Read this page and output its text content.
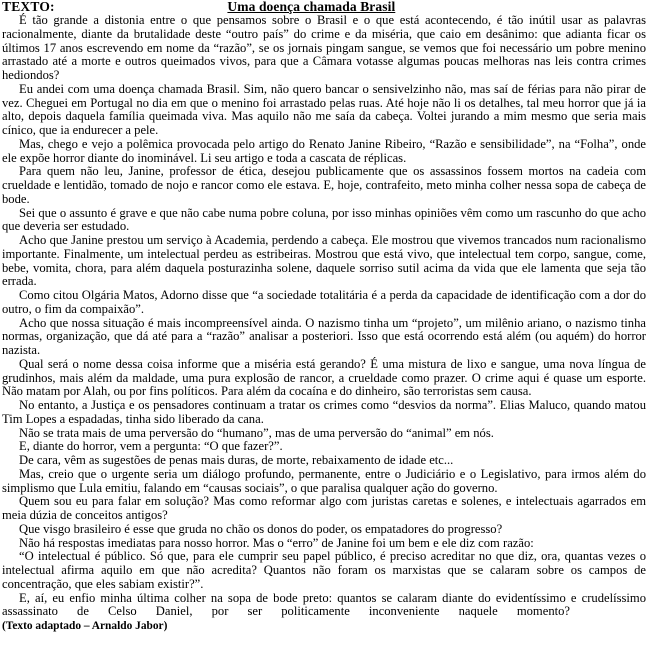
TEXTO:	Uma doença chamada Brasil

É tão grande a distonia entre o que pensamos sobre o Brasil e o que está acontecendo, é tão inútil usar as palavras racionalmente, diante da brutalidade deste “outro país” do crime e da miséria, que caio em desânimo: que adianta ficar os últimos 17 anos escrevendo em nome da “razão”, se os jornais pingam sangue, se vemos que foi necessário um pobre menino arrastado até a morte e outros queimados vivos, para que a Câmara votasse algumas poucas melhoras nas leis contra crimes hediondos?

Eu andei com uma doença chamada Brasil. Sim, não quero bancar o sensivelzinho não, mas saí de férias para não pirar de vez. Cheguei em Portugal no dia em que o menino foi arrastado pelas ruas. Até hoje não li os detalhes, tal meu horror que já ia alto, depois daquela família queimada viva. Mas aquilo não me saía da cabeça. Voltei jurando a mim mesmo que seria mais cínico, que ia endurecer a pele.

Mas, chego e vejo a polêmica provocada pelo artigo do Renato Janine Ribeiro, “Razão e sensibilidade”, na “Folha”, onde ele expõe horror diante do inominável. Li seu artigo e toda a cascata de réplicas.

Para quem não leu, Janine, professor de ética, desejou publicamente que os assassinos fossem mortos na cadeia com crueldade e lentidão, tomado de nojo e rancor como ele estava. E, hoje, contrafeito, meto minha colher nessa sopa de cabeça de bode.

Sei que o assunto é grave e que não cabe numa pobre coluna, por isso minhas opiniões vêm como um rascunho do que acho que deveria ser estudado.

Acho que Janine prestou um serviço à Academia, perdendo a cabeça. Ele mostrou que vivemos trancados num racionalismo importante. Finalmente, um intelectual perdeu as estribeiras. Mostrou que está vivo, que intelectual tem corpo, sangue, come, bebe, vomita, chora, para além daquela posturazinha solene, daquele sorriso sutil acima da vida que ele lamenta que seja tão errada.

Como citou Olgária Matos, Adorno disse que “a sociedade totalitária é a perda da capacidade de identificação com a dor do outro, o fim da compaixão”.

Acho que nossa situação é mais incompreensível ainda. O nazismo tinha um “projeto”, um milênio ariano, o nazismo tinha normas, organização, que dá até para a “razão” analisar a posteriori. Isso que está ocorrendo está além (ou aquém) do horror nazista.

Qual será o nome dessa coisa informe que a miséria está gerando? É uma mistura de lixo e sangue, uma nova língua de grudinhos, mais além da maldade, uma pura explosão de rancor, a crueldade como prazer. O crime aqui é quase um esporte. Não matam por Alah, ou por fins políticos. Para além da cocaína e do dinheiro, são terroristas sem causa.

No entanto, a Justiça e os pensadores continuam a tratar os crimes como “desvios da norma”. Elias Maluco, quando matou Tim Lopes a espadadas, tinha sido liberado da cana.

Não se trata mais de uma perversão do “humano”, mas de uma perversão do “animal” em nós.

E, diante do horror, vem a pergunta: “O que fazer?”.

De cara, vêm as sugestões de penas mais duras, de morte, rebaixamento de idade etc...

Mas, creio que o urgente seria um diálogo profundo, permanente, entre o Judiciário e o Legislativo, para irmos além do simplismo que Lula emitiu, falando em “causas sociais”, o que paralisa qualquer ação do governo.

Quem sou eu para falar em solução? Mas como reformar algo com juristas caretas e solenes, e intelectuais agarrados em meia dúzia de conceitos antigos?

Que visgo brasileiro é esse que gruda no chão os donos do poder, os empatadores do progresso?

Não há respostas imediatas para nosso horror. Mas o “erro” de Janine foi um bem e ele diz com razão:

“O intelectual é público. Só que, para ele cumprir seu papel público, é preciso acreditar no que diz, ora, quantas vezes o intelectual afirma aquilo em que não acredita? Quantos não foram os marxistas que se calaram sobre os campos de concentração, que eles sabiam existir?”.

E, aí, eu enfio minha última colher na sopa de bode preto: quantos se calaram diante do evidentíssimo e crudelíssimo assassinato de Celso Daniel, por ser politicamente inconveniente naquele momento?(Texto adaptado – Arnaldo Jabor)
